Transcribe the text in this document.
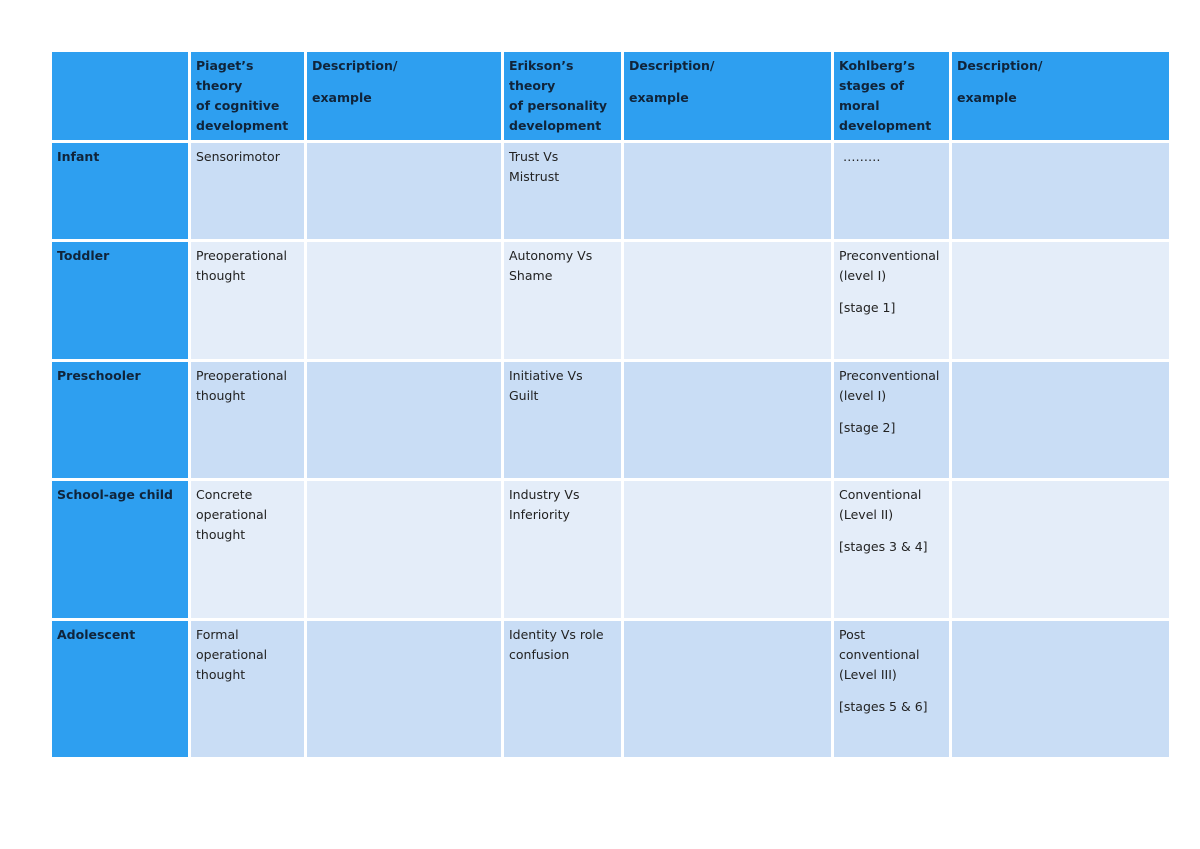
	Piaget’s theory
of cognitive
development	Description/
example	Erikson’s theory
of personality
development	Description/
example	Kohlberg’s
stages of moral
development	Description/
example

Infant	Sensorimotor		Trust Vs
Mistrust		………	

Toddler	Preoperational
thought		Autonomy Vs
Shame		Preconventional
(level I)
[stage 1]	

Preschooler	Preoperational
thought		Initiative Vs
Guilt		Preconventional
(level I)
[stage 2]	

School-age child	Concrete
operational
thought		Industry Vs
Inferiority		Conventional
(Level II)
[stages 3 & 4]	

Adolescent	Formal
operational
thought		Identity Vs role
confusion		Post
conventional
(Level III)
[stages 5 & 6]	
